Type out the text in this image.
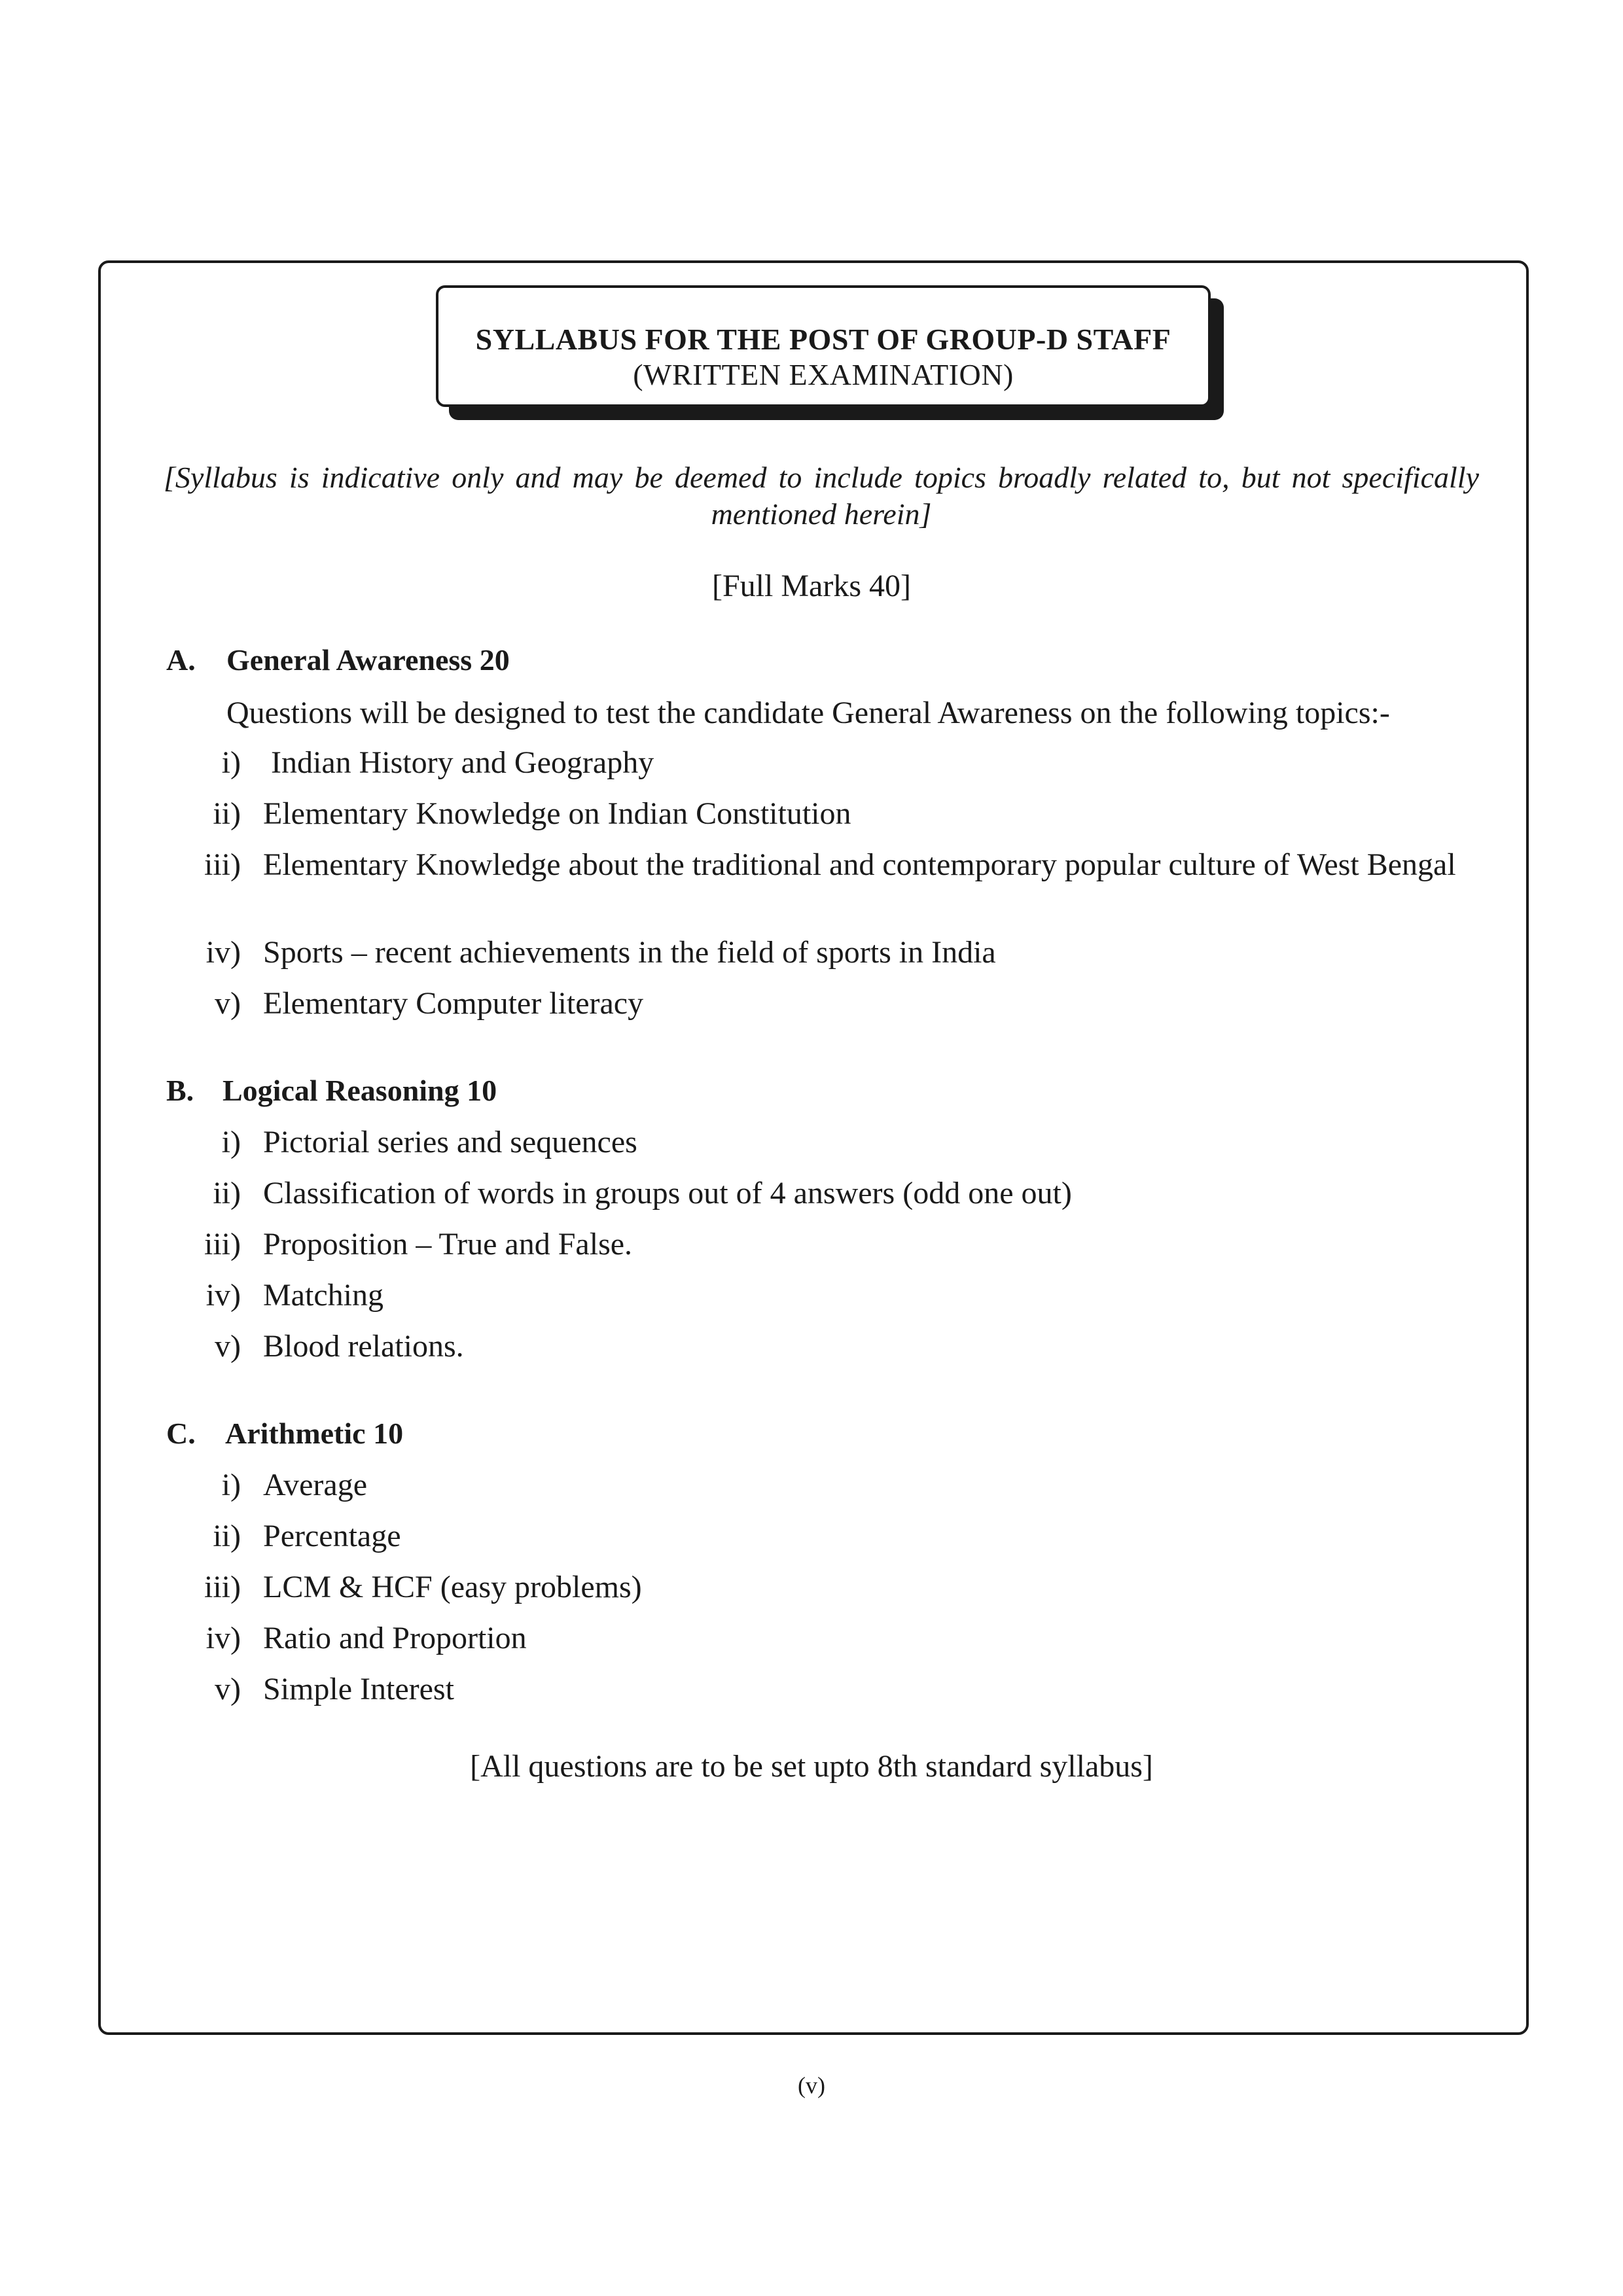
SYLLABUS FOR THE POST OF GROUP-D STAFF
(WRITTEN EXAMINATION)
[Syllabus is indicative only and may be deemed to include topics broadly related to, but not specifically mentioned herein]
[Full Marks 40]
A. General Awareness 20
Questions will be designed to test the candidate General Awareness on the following topics:-
i) Indian History and Geography
ii) Elementary Knowledge on Indian Constitution
iii) Elementary Knowledge about the traditional and contemporary popular culture of West Bengal
iv) Sports – recent achievements in the field of sports in India
v) Elementary Computer literacy
B. Logical Reasoning 10
i) Pictorial series and sequences
ii) Classification of words in groups out of 4 answers (odd one out)
iii) Proposition – True and False.
iv) Matching
v) Blood relations.
C. Arithmetic 10
i) Average
ii) Percentage
iii) LCM & HCF (easy problems)
iv) Ratio and Proportion
v) Simple Interest
[All questions are to be set upto 8th standard syllabus]
(v)
